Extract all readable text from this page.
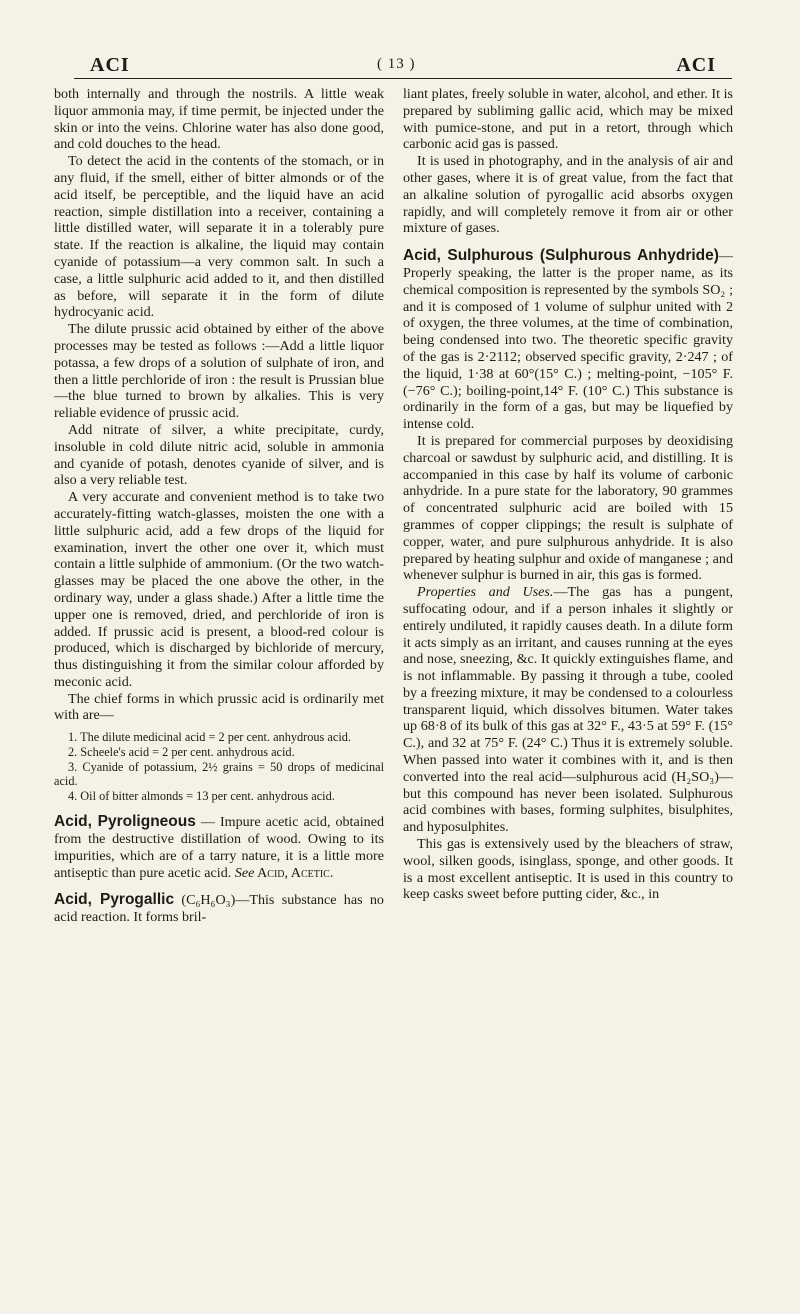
ACI	( 13 )	ACI

both internally and through the nostrils. A little weak liquor ammonia may, if time permit, be injected under the skin or into the veins. Chlorine water has also done good, and cold douches to the head.

To detect the acid in the contents of the stomach, or in any fluid, if the smell, either of bitter almonds or of the acid itself, be perceptible, and the liquid have an acid reaction, simple distillation into a receiver, containing a little distilled water, will separate it in a tolerably pure state. If the reaction is alkaline, the liquid may contain cyanide of potassium—a very common salt. In such a case, a little sulphuric acid added to it, and then distilled as before, will separate it in the form of dilute hydrocyanic acid.

The dilute prussic acid obtained by either of the above processes may be tested as follows :—Add a little liquor potassa, a few drops of a solution of sulphate of iron, and then a little perchloride of iron : the result is Prussian blue—the blue turned to brown by alkalies. This is very reliable evidence of prussic acid.

Add nitrate of silver, a white precipitate, curdy, insoluble in cold dilute nitric acid, soluble in ammonia and cyanide of potash, denotes cyanide of silver, and is also a very reliable test.

A very accurate and convenient method is to take two accurately-fitting watch-glasses, moisten the one with a little sulphuric acid, add a few drops of the liquid for examination, invert the other one over it, which must contain a little sulphide of ammonium. (Or the two watch-glasses may be placed the one above the other, in the ordinary way, under a glass shade.) After a little time the upper one is removed, dried, and perchloride of iron is added. If prussic acid is present, a blood-red colour is produced, which is discharged by bichloride of mercury, thus distinguishing it from the similar colour afforded by meconic acid.

The chief forms in which prussic acid is ordinarily met with are—

1. The dilute medicinal acid = 2 per cent. anhydrous acid.
2. Scheele's acid = 2 per cent. anhydrous acid.
3. Cyanide of potassium, 2½ grains = 50 drops of medicinal acid.
4. Oil of bitter almonds = 13 per cent. anhydrous acid.

Acid, Pyroligneous — Impure acetic acid, obtained from the destructive distillation of wood. Owing to its impurities, which are of a tarry nature, it is a little more antiseptic than pure acetic acid. See Acid, Acetic.

Acid, Pyrogallic (C₆H₆O₃)—This substance has no acid reaction. It forms bril-

liant plates, freely soluble in water, alcohol, and ether. It is prepared by subliming gallic acid, which may be mixed with pumice-stone, and put in a retort, through which carbonic acid gas is passed.

It is used in photography, and in the analysis of air and other gases, where it is of great value, from the fact that an alkaline solution of pyrogallic acid absorbs oxygen rapidly, and will completely remove it from air or other mixture of gases.

Acid, Sulphurous (Sulphurous Anhydride)—Properly speaking, the latter is the proper name, as its chemical composition is represented by the symbols SO₂ ; and it is composed of 1 volume of sulphur united with 2 of oxygen, the three volumes, at the time of combination, being condensed into two. The theoretic specific gravity of the gas is 2·2112; observed specific gravity, 2·247 ; of the liquid, 1·38 at 60°(15° C.) ; melting-point, −105° F. (−76° C.); boiling-point,14° F. (10° C.) This substance is ordinarily in the form of a gas, but may be liquefied by intense cold.

It is prepared for commercial purposes by deoxidising charcoal or sawdust by sulphuric acid, and distilling. It is accompanied in this case by half its volume of carbonic anhydride. In a pure state for the laboratory, 90 grammes of concentrated sulphuric acid are boiled with 15 grammes of copper clippings; the result is sulphate of copper, water, and pure sulphurous anhydride. It is also prepared by heating sulphur and oxide of manganese ; and whenever sulphur is burned in air, this gas is formed.

Properties and Uses.—The gas has a pungent, suffocating odour, and if a person inhales it slightly or entirely undiluted, it rapidly causes death. In a dilute form it acts simply as an irritant, and causes running at the eyes and nose, sneezing, &c. It quickly extinguishes flame, and is not inflammable. By passing it through a tube, cooled by a freezing mixture, it may be condensed to a colourless transparent liquid, which dissolves bitumen. Water takes up 68·8 of its bulk of this gas at 32° F., 43·5 at 59° F. (15° C.), and 32 at 75° F. (24° C.) Thus it is extremely soluble. When passed into water it combines with it, and is then converted into the real acid—sulphurous acid (H₂SO₃)—but this compound has never been isolated. Sulphurous acid combines with bases, forming sulphites, bisulphites, and hyposulphites.

This gas is extensively used by the bleachers of straw, wool, silken goods, isinglass, sponge, and other goods. It is a most excellent antiseptic. It is used in this country to keep casks sweet before putting cider, &c., in
